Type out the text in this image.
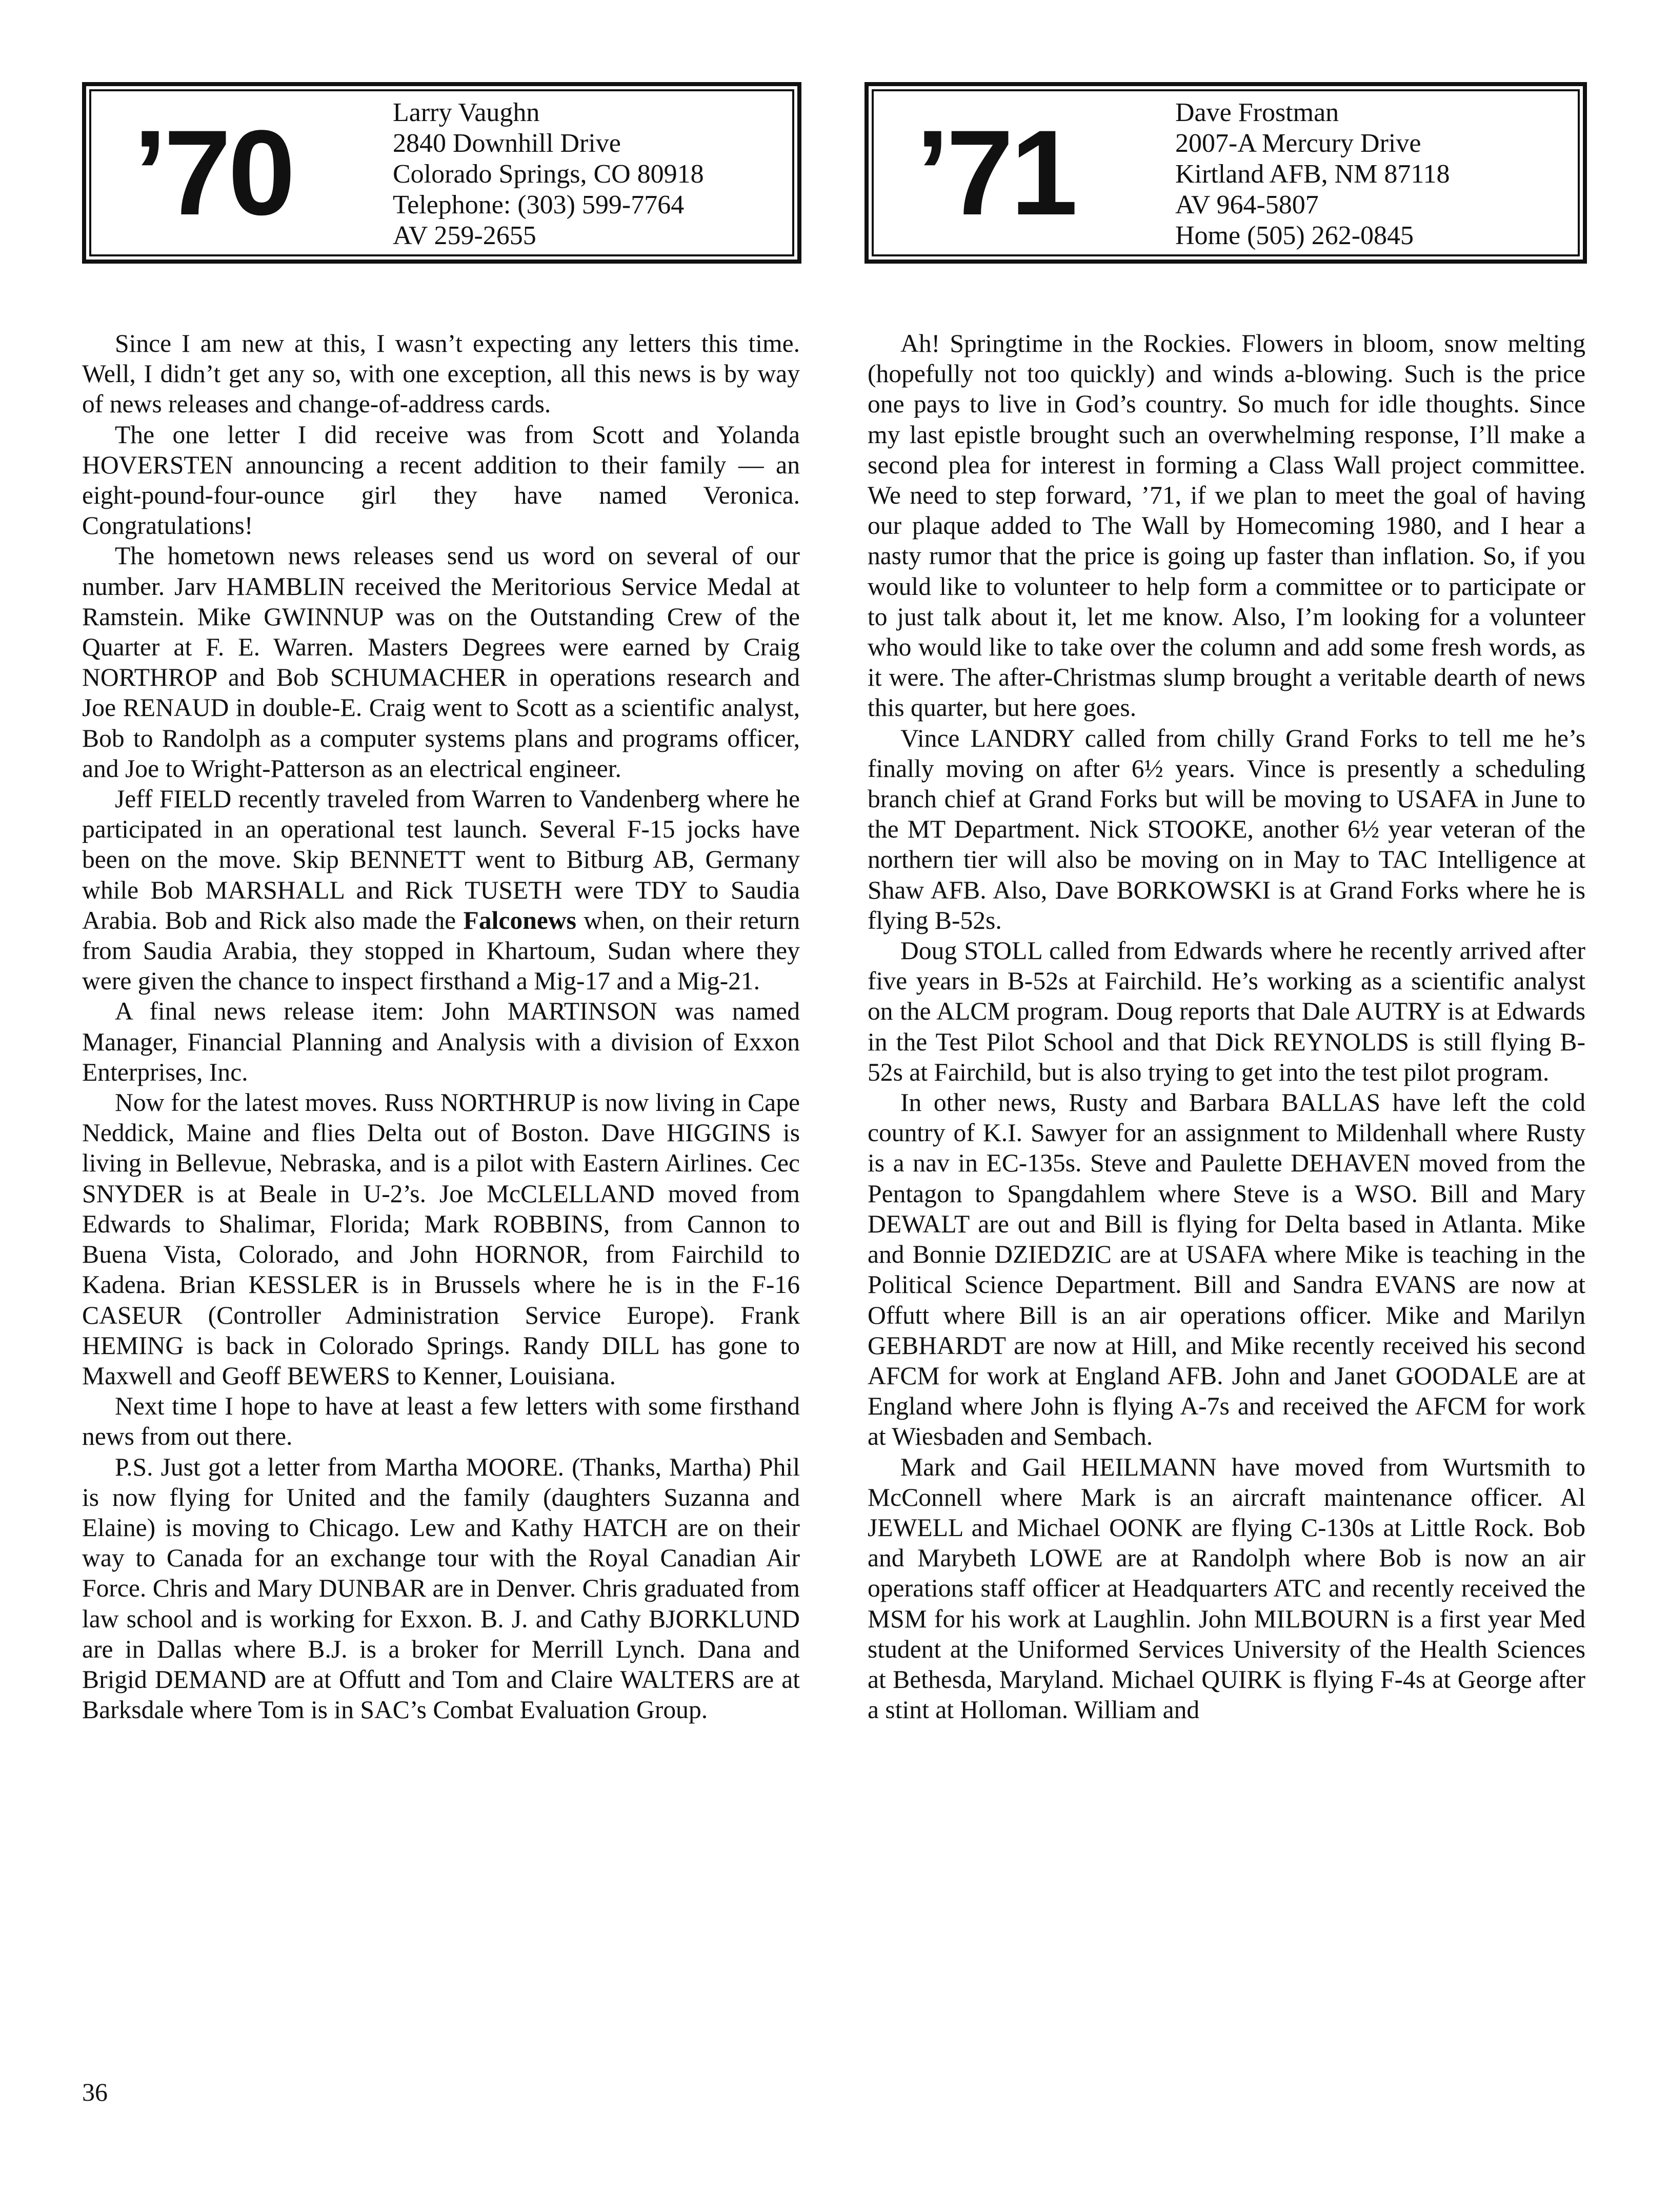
’70	Larry Vaughn
2840 Downhill Drive
Colorado Springs, CO 80918
Telephone: (303) 599-7764
AV 259-2655	’71	Dave Frostman
2007-A Mercury Drive
Kirtland AFB, NM 87118
AV 964-5807
Home (505) 262-0845

Since I am new at this, I wasn’t expecting any letters this time. Well, I didn’t get any so, with one exception, all this news is by way of news releases and change-of-address cards.

The one letter I did receive was from Scott and Yolanda HOVERSTEN announcing a recent addition to their family — an eight-pound-four-ounce girl they have named Veronica. Congratulations!

The hometown news releases send us word on several of our number. Jarv HAMBLIN received the Meritorious Service Medal at Ramstein. Mike GWINNUP was on the Outstanding Crew of the Quarter at F. E. Warren. Masters Degrees were earned by Craig NORTHROP and Bob SCHUMACHER in operations research and Joe RENAUD in double-E. Craig went to Scott as a scientific analyst, Bob to Randolph as a computer systems plans and programs officer, and Joe to Wright-Patterson as an electrical engineer.

Jeff FIELD recently traveled from Warren to Vandenberg where he participated in an operational test launch. Several F-15 jocks have been on the move. Skip BENNETT went to Bitburg AB, Germany while Bob MARSHALL and Rick TUSETH were TDY to Saudia Arabia. Bob and Rick also made the Falconews when, on their return from Saudia Arabia, they stopped in Khartoum, Sudan where they were given the chance to inspect firsthand a Mig-17 and a Mig-21.

A final news release item: John MARTINSON was named Manager, Financial Planning and Analysis with a division of Exxon Enterprises, Inc.

Now for the latest moves. Russ NORTHRUP is now living in Cape Neddick, Maine and flies Delta out of Boston. Dave HIGGINS is living in Bellevue, Nebraska, and is a pilot with Eastern Airlines. Cec SNYDER is at Beale in U-2’s. Joe McCLELLAND moved from Edwards to Shalimar, Florida; Mark ROBBINS, from Cannon to Buena Vista, Colorado, and John HORNOR, from Fairchild to Kadena. Brian KESSLER is in Brussels where he is in the F-16 CASEUR (Controller Administration Service Europe). Frank HEMING is back in Colorado Springs. Randy DILL has gone to Maxwell and Geoff BEWERS to Kenner, Louisiana.

Next time I hope to have at least a few letters with some firsthand news from out there.

P.S. Just got a letter from Martha MOORE. (Thanks, Martha) Phil is now flying for United and the family (daughters Suzanna and Elaine) is moving to Chicago. Lew and Kathy HATCH are on their way to Canada for an exchange tour with the Royal Canadian Air Force. Chris and Mary DUNBAR are in Denver. Chris graduated from law school and is working for Exxon. B. J. and Cathy BJORKLUND are in Dallas where B.J. is a broker for Merrill Lynch. Dana and Brigid DEMAND are at Offutt and Tom and Claire WALTERS are at Barksdale where Tom is in SAC’s Combat Evaluation Group.

Ah! Springtime in the Rockies. Flowers in bloom, snow melting (hopefully not too quickly) and winds a-blowing. Such is the price one pays to live in God’s country. So much for idle thoughts. Since my last epistle brought such an overwhelming response, I’ll make a second plea for interest in forming a Class Wall project committee. We need to step forward, ’71, if we plan to meet the goal of having our plaque added to The Wall by Homecoming 1980, and I hear a nasty rumor that the price is going up faster than inflation. So, if you would like to volunteer to help form a committee or to participate or to just talk about it, let me know. Also, I’m looking for a volunteer who would like to take over the column and add some fresh words, as it were. The after-Christmas slump brought a veritable dearth of news this quarter, but here goes.

Vince LANDRY called from chilly Grand Forks to tell me he’s finally moving on after 6½ years. Vince is presently a scheduling branch chief at Grand Forks but will be moving to USAFA in June to the MT Department. Nick STOOKE, another 6½ year veteran of the northern tier will also be moving on in May to TAC Intelligence at Shaw AFB. Also, Dave BORKOWSKI is at Grand Forks where he is flying B-52s.

Doug STOLL called from Edwards where he recently arrived after five years in B-52s at Fairchild. He’s working as a scientific analyst on the ALCM program. Doug reports that Dale AUTRY is at Edwards in the Test Pilot School and that Dick REYNOLDS is still flying B-52s at Fairchild, but is also trying to get into the test pilot program.

In other news, Rusty and Barbara BALLAS have left the cold country of K.I. Sawyer for an assignment to Mildenhall where Rusty is a nav in EC-135s. Steve and Paulette DEHAVEN moved from the Pentagon to Spangdahlem where Steve is a WSO. Bill and Mary DEWALT are out and Bill is flying for Delta based in Atlanta. Mike and Bonnie DZIEDZIC are at USAFA where Mike is teaching in the Political Science Department. Bill and Sandra EVANS are now at Offutt where Bill is an air operations officer. Mike and Marilyn GEBHARDT are now at Hill, and Mike recently received his second AFCM for work at England AFB. John and Janet GOODALE are at England where John is flying A-7s and received the AFCM for work at Wiesbaden and Sembach.

Mark and Gail HEILMANN have moved from Wurtsmith to McConnell where Mark is an aircraft maintenance officer. Al JEWELL and Michael OONK are flying C-130s at Little Rock. Bob and Marybeth LOWE are at Randolph where Bob is now an air operations staff officer at Headquarters ATC and recently received the MSM for his work at Laughlin. John MILBOURN is a first year Med student at the Uniformed Services University of the Health Sciences at Bethesda, Maryland. Michael QUIRK is flying F-4s at George after a stint at Holloman. William and

36
